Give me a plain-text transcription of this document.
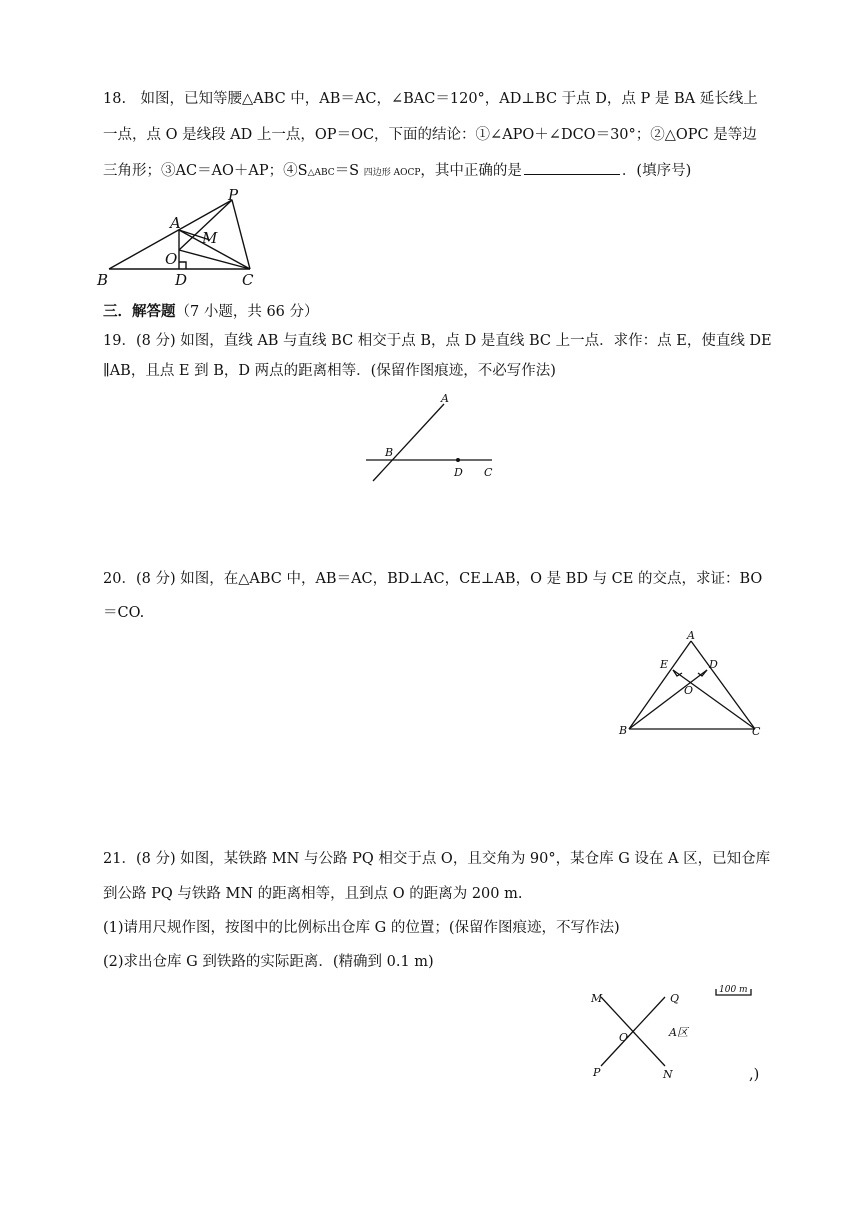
18.　如图，已知等腰△ABC 中，AB＝AC，∠BAC＝120°，AD⊥BC 于点 D，点 P 是 BA 延长线上
一点，点 O 是线段 AD 上一点，OP＝OC，下面的结论：①∠APO＋∠DCO＝30°；②△OPC 是等边
三角形；③AC＝AO＋AP；④S△ABC＝S 四边形 AOCP，其中正确的是	．(填序号)
A
B	C
D
O
M
P
三．解答题（7 小题，共 66 分）
19．(8 分) 如图，直线 AB 与直线 BC 相交于点 B，点 D 是直线 BC 上一点．求作：点 E，使直线 DE
∥AB，且点 E 到 B，D 两点的距离相等．(保留作图痕迹，不必写作法)
A
B
D C
20．(8 分) 如图，在△ABC 中，AB＝AC，BD⊥AC，CE⊥AB，O 是 BD 与 CE 的交点，求证：BO
＝CO.
A
E	D
O
B	C
21．(8 分) 如图，某铁路 MN 与公路 PQ 相交于点 O，且交角为 90°，某仓库 G 设在 A 区，已知仓库
到公路 PQ 与铁路 MN 的距离相等，且到点 O 的距离为 200 m.
(1)请用尺规作图，按图中的比例标出仓库 G 的位置；(保留作图痕迹，不写作法)
(2)求出仓库 G 到铁路的实际距离．(精确到 0.1 m)
M	Q
O
P	N
A区
100 m
,)
